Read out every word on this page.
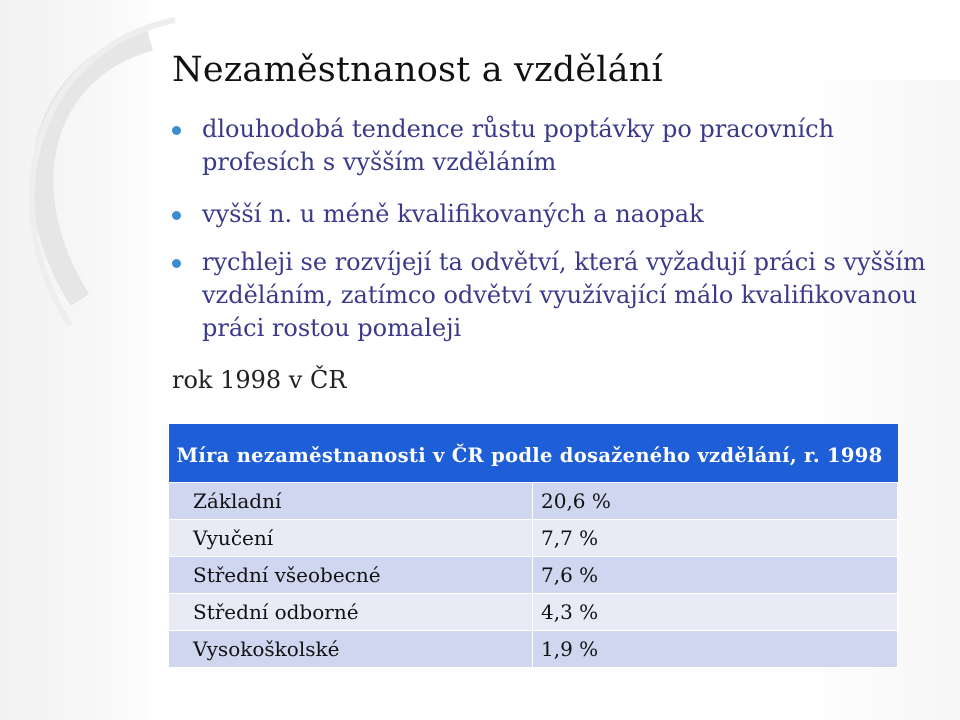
Nezaměstnanost a vzdělání
dlouhodobá tendence růstu poptávky po pracovních profesích s vyšším vzděláním
vyšší n. u méně kvalifikovaných a naopak
rychleji se rozvíjejí ta odvětví, která vyžadují práci s vyšším vzděláním, zatímco odvětví využívající málo kvalifikovanou práci rostou pomaleji

rok 1998 v ČR

Míra nezaměstnanosti v ČR podle dosaženého vzdělání, r. 1998	
Základní	20,6 %
Vyučení	7,7 %
Střední všeobecné	7,6 %
Střední odborné	4,3 %
Vysokoškolské	1,9 %
